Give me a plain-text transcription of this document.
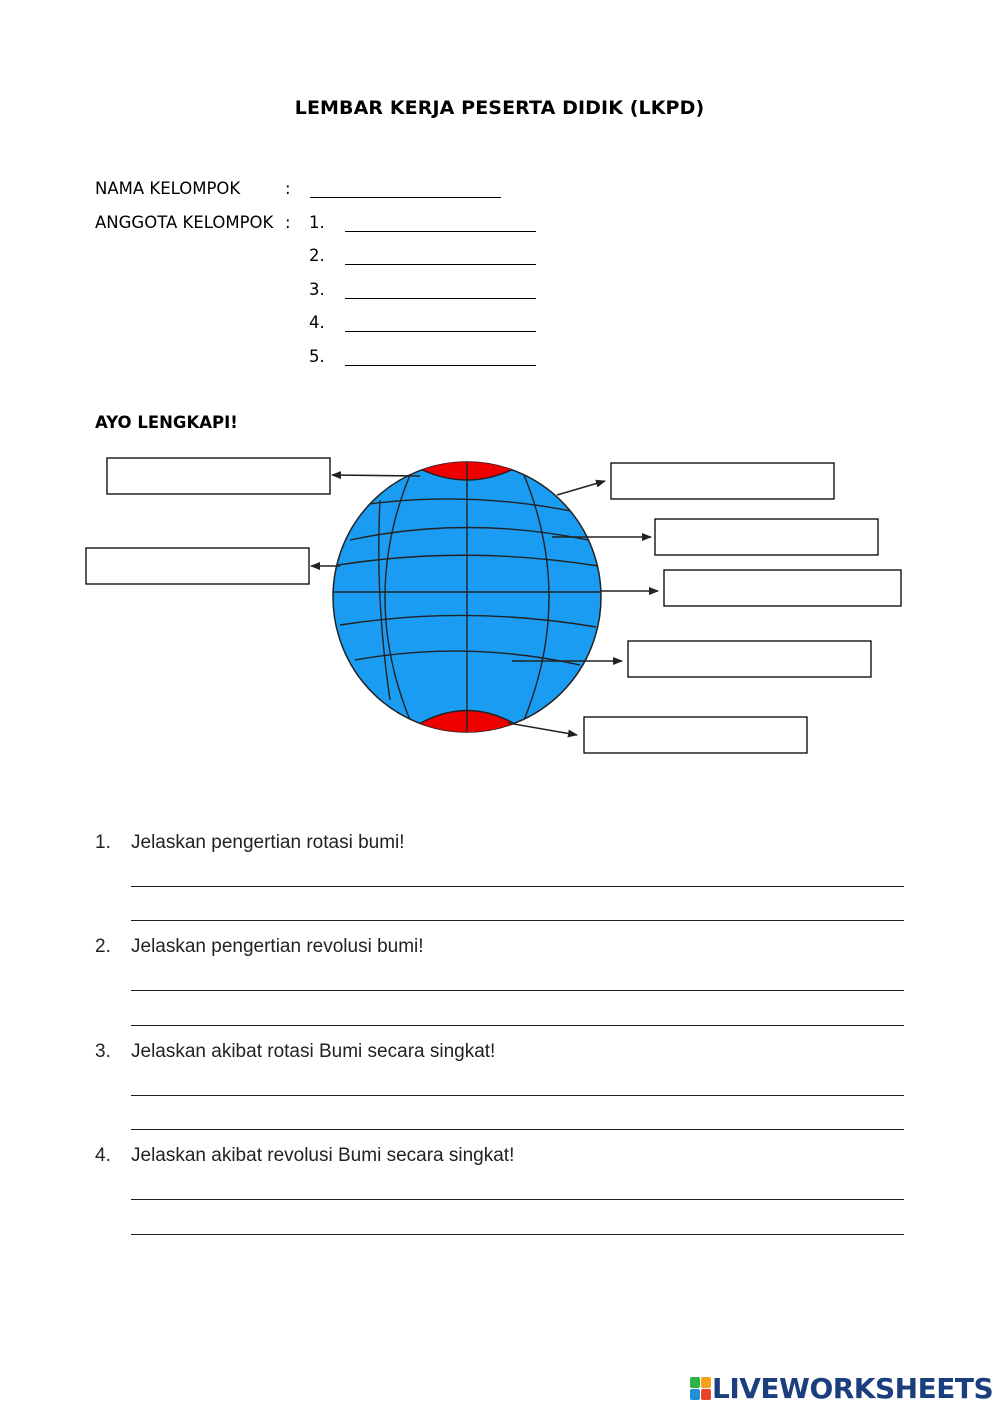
LEMBAR KERJA PESERTA DIDIK (LKPD)
NAMA KELOMPOK	:
ANGGOTA KELOMPOK : 1.
2.
3.
4.
5.
AYO LENGKAPI!
1. Jelaskan pengertian rotasi bumi!
2. Jelaskan pengertian revolusi bumi!
3. Jelaskan akibat rotasi Bumi secara singkat!
4. Jelaskan akibat revolusi Bumi secara singkat!
LIVEWORKSHEETS
